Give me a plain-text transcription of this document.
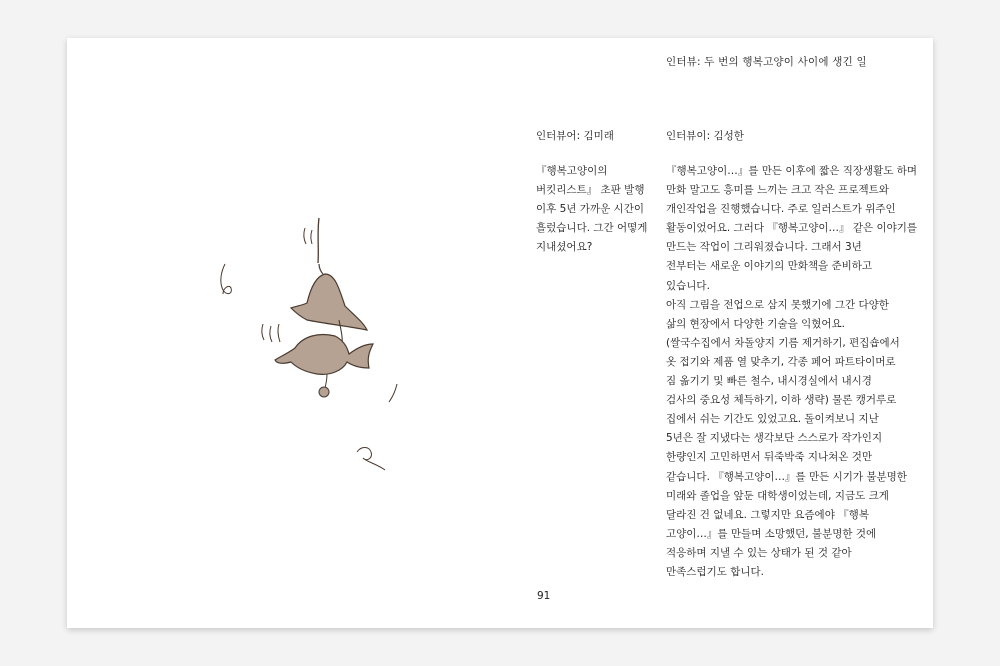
인터뷰: 두 번의 행복고양이 사이에 생긴 일
인터뷰어: 김미래	인터뷰이: 김성한

『행복고양이의
버킷리스트』 초판 발행
이후 5년 가까운 시간이
흘렀습니다. 그간 어떻게
지내셨어요?

『행복고양이…』를 만든 이후에 짧은 직장생활도 하며
만화 말고도 흥미를 느끼는 크고 작은 프로젝트와
개인작업을 진행했습니다. 주로 일러스트가 위주인
활동이었어요. 그러다 『행복고양이…』 같은 이야기를
만드는 작업이 그리워졌습니다. 그래서 3년
전부터는 새로운 이야기의 만화책을 준비하고
있습니다.
아직 그림을 전업으로 삼지 못했기에 그간 다양한
삶의 현장에서 다양한 기술을 익혔어요.
(쌀국수집에서 차돌양지 기름 제거하기, 편집숍에서
옷 접기와 제품 열 맞추기, 각종 페어 파트타이머로
짐 옮기기 및 빠른 철수, 내시경실에서 내시경
검사의 중요성 체득하기, 이하 생략) 물론 캥거루로
집에서 쉬는 기간도 있었고요. 돌이켜보니 지난
5년은 잘 지냈다는 생각보단 스스로가 작가인지
한량인지 고민하면서 뒤죽박죽 지나쳐온 것만
같습니다. 『행복고양이…』를 만든 시기가 불분명한
미래와 졸업을 앞둔 대학생이었는데, 지금도 크게
달라진 건 없네요. 그렇지만 요즘에야 『행복
고양이…』를 만들며 소망했던, 불분명한 것에
적응하며 지낼 수 있는 상태가 된 것 같아
만족스럽기도 합니다.

91
